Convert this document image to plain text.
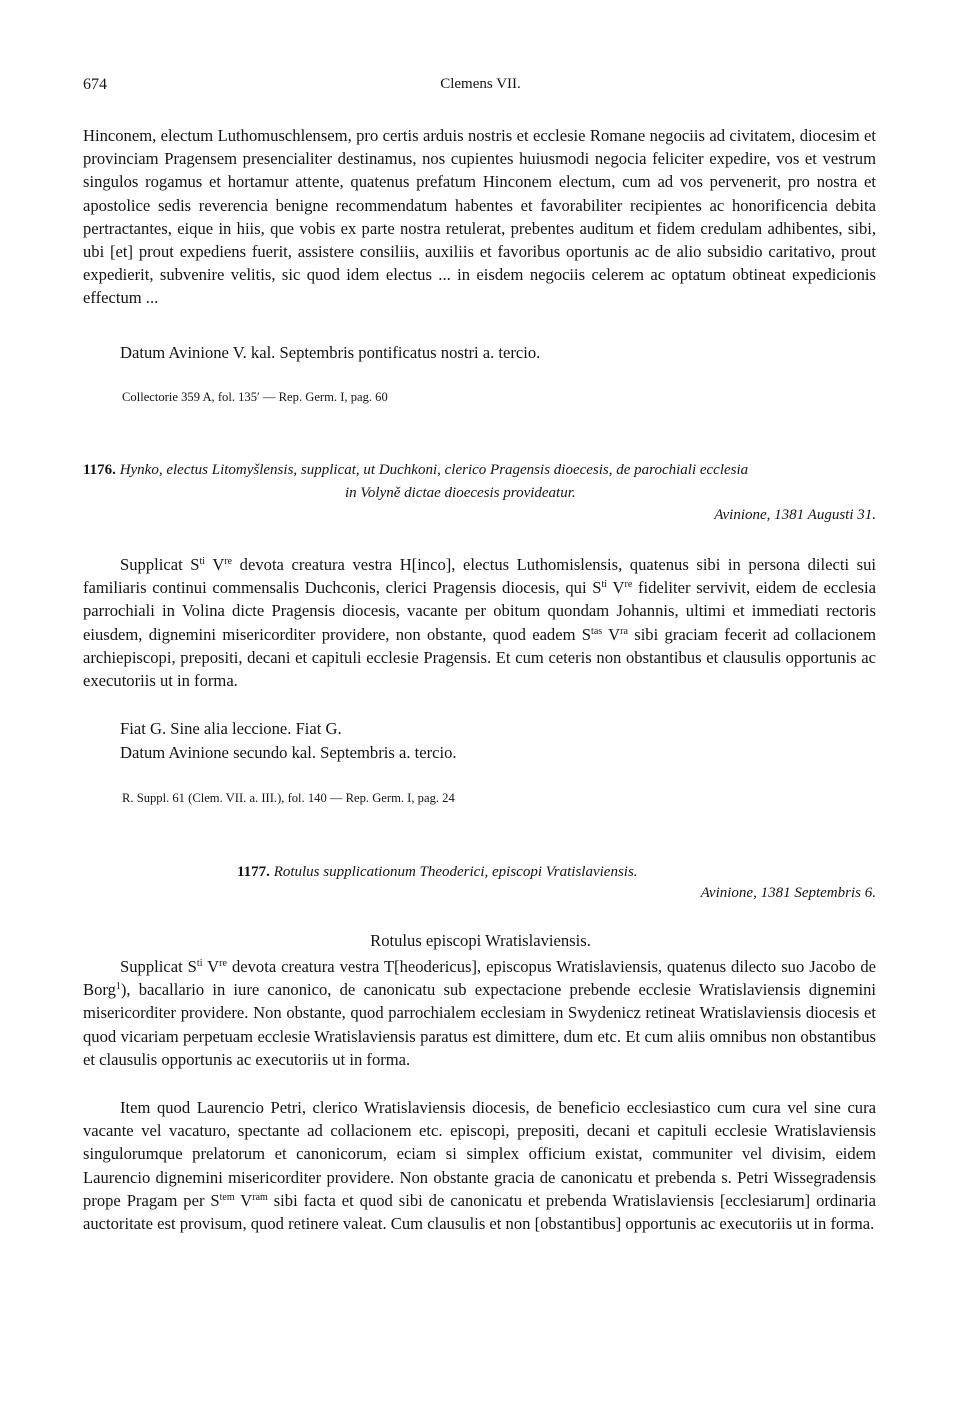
674	Clemens VII.

Hinconem, electum Luthomuschlensem, pro certis arduis nostris et ecclesie Romane negociis ad civitatem, diocesim et provinciam Pragensem presencialiter destinamus, nos cupientes huiusmodi negocia feliciter expedire, vos et vestrum singulos rogamus et hortamur attente, quatenus prefatum Hinconem electum, cum ad vos pervenerit, pro nostra et apostolice sedis reverencia benigne recommendatum habentes et favorabiliter recipientes ac honorificencia debita pertractantes, eique in hiis, que vobis ex parte nostra retulerat, prebentes auditum et fidem credulam adhibentes, sibi, ubi [et] prout expediens fuerit, assistere consiliis, auxiliis et favoribus oportunis ac de alio subsidio caritativo, prout expedierit, subvenire velitis, sic quod idem electus ... in eisdem negociis celerem ac optatum obtineat expedicionis effectum ...

Datum Avinione V. kal. Septembris pontificatus nostri a. tercio.
Collectorie 359 A, fol. 135′ — Rep. Germ. I, pag. 60
1176. Hynko, electus Litomyšlensis, supplicat, ut Duchkoni, clerico Pragensis dioecesis, de parochiali ecclesia
in Volyně dictae dioecesis provideatur.
Avinione, 1381 Augusti 31.

Supplicat $S^{ti}$ Vre devota creatura vestra H[inco], electus Luthomislensis, quatenus sibi in persona dilecti sui familiaris continui commensalis Duchconis, clerici Pragensis diocesis, qui $S^{ti}$ Vre fideliter servivit, eidem de ecclesia parrochiali in Volina dicte Pragensis diocesis, vacante per obitum quondam Johannis, ultimi et immediati rectoris eiusdem, dignemini misericorditer providere, non obstante, quod eadem $S^{tas}$ $V^{ra}$ sibi graciam fecerit ad collacionem archiepiscopi, prepositi, decani et capituli ecclesie Pragensis. Et cum ceteris non obstantibus et clausulis opportunis ac executoriis ut in forma.

Fiat G. Sine alia leccione. Fiat G.
Datum Avinione secundo kal. Septembris a. tercio.
R. Suppl. 61 (Clem. VII. a. III.), fol. 140 — Rep. Germ. I, pag. 24
1177. Rotulus supplicationum Theoderici, episcopi Vratislaviensis.
Avinione, 1381 Septembris 6.
Rotulus episcopi Wratislaviensis.

Supplicat $S^{ti}$ Vre devota creatura vestra T[heodericus], episcopus Wratislaviensis, quatenus dilecto suo Jacobo de Borg$^1$), bacallario in iure canonico, de canonicatu sub expectacione prebende ecclesie Wratislaviensis dignemini misericorditer providere. Non obstante, quod parrochialem ecclesiam in Swydenicz retineat Wratislaviensis diocesis et quod vicariam perpetuam ecclesie Wratislaviensis paratus est dimittere, dum etc. Et cum aliis omnibus non obstantibus et clausulis opportunis ac executoriis ut in forma.

Item quod Laurencio Petri, clerico Wratislaviensis diocesis, de beneficio ecclesiastico cum cura vel sine cura vacante vel vacaturo, spectante ad collacionem etc. episcopi, prepositi, decani et capituli ecclesie Wratislaviensis singulorumque prelatorum et canonicorum, eciam si simplex officium existat, communiter vel divisim, eidem Laurencio dignemini misericorditer providere. Non obstante gracia de canonicatu et prebenda s. Petri Wissegradensis prope Pragam per $S^{tem}$ $V^{ram}$ sibi facta et quod sibi de canonicatu et prebenda Wratislaviensis [ecclesiarum] ordinaria auctoritate est provisum, quod retinere valeat. Cum clausulis et non [obstantibus] opportunis ac executoriis ut in forma.
